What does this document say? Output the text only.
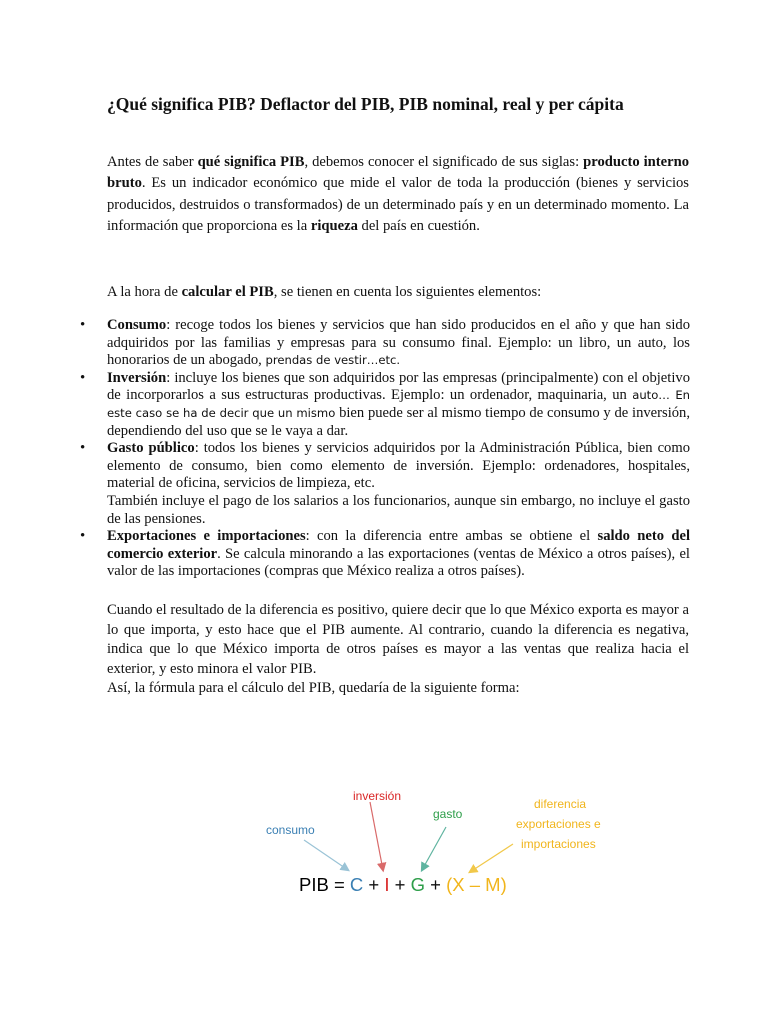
¿Qué significa PIB? Deflactor del PIB, PIB nominal, real y per cápita

Antes de saber qué significa PIB, debemos conocer el significado de sus siglas: producto interno bruto. Es un indicador económico que mide el valor de toda la producción (bienes y servicios producidos, destruidos o transformados) de un determinado país y en un determinado momento. La información que proporciona es la riqueza del país en cuestión.

A la hora de calcular el PIB, se tienen en cuenta los siguientes elementos:

• Consumo: recoge todos los bienes y servicios que han sido producidos en el año y que han sido adquiridos por las familias y empresas para su consumo final. Ejemplo: un libro, un auto, los honorarios de un abogado, prendas de vestir…etc.
• Inversión: incluye los bienes que son adquiridos por las empresas (principalmente) con el objetivo de incorporarlos a sus estructuras productivas. Ejemplo: un ordenador, maquinaria, un auto… En este caso se ha de decir que un mismo bien puede ser al mismo tiempo de consumo y de inversión, dependiendo del uso que se le vaya a dar.
• Gasto público: todos los bienes y servicios adquiridos por la Administración Pública, bien como elemento de consumo, bien como elemento de inversión. Ejemplo: ordenadores, hospitales, material de oficina, servicios de limpieza, etc.
También incluye el pago de los salarios a los funcionarios, aunque sin embargo, no incluye el gasto de las pensiones.
• Exportaciones e importaciones: con la diferencia entre ambas se obtiene el saldo neto del comercio exterior. Se calcula minorando a las exportaciones (ventas de México a otros países), el valor de las importaciones (compras que México realiza a otros países).

Cuando el resultado de la diferencia es positivo, quiere decir que lo que México exporta es mayor a lo que importa, y esto hace que el PIB aumente. Al contrario, cuando la diferencia es negativa, indica que lo que México importa de otros países es mayor a las ventas que realiza hacia el exterior, y esto minora el valor PIB.

Así, la fórmula para el cálculo del PIB, quedaría de la siguiente forma:

inversión
gasto
consumo
diferencia
exportaciones e
importaciones
PIB = C + I + G + (X – M)
